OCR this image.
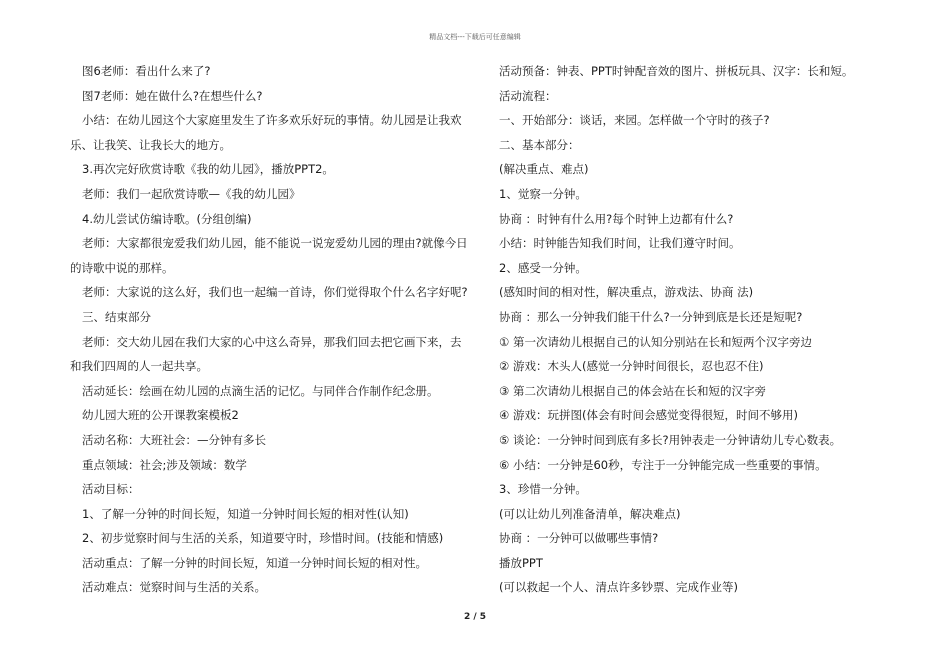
精品文档---下载后可任意编辑
图6老师：看出什么来了?
图7老师：她在做什么?在想些什么?
小结：在幼儿园这个大家庭里发生了许多欢乐好玩的事情。幼儿园是让我欢
乐、让我笑、让我长大的地方。
3.再次完好欣赏诗歌《我的幼儿园》，播放PPT2。
老师：我们一起欣赏诗歌—《我的幼儿园》
4.幼儿尝试仿编诗歌。(分组创编)
老师：大家都很宠爱我们幼儿园，能不能说一说宠爱幼儿园的理由?就像今日
的诗歌中说的那样。
老师：大家说的这么好，我们也一起编一首诗，你们觉得取个什么名字好呢?
三、结束部分
老师：交大幼儿园在我们大家的心中这么奇异，那我们回去把它画下来，去
和我们四周的人一起共享。
活动延长：绘画在幼儿园的点滴生活的记忆。与同伴合作制作纪念册。
幼儿园大班的公开课教案模板2
活动名称：大班社会：—分钟有多长
重点领域：社会;涉及领域：数学
活动目标：
1、了解一分钟的时间长短，知道一分钟时间长短的相对性(认知)
2、初步觉察时间与生活的关系，知道要守时，珍惜时间。(技能和情感)
活动重点：了解一分钟的时间长短，知道一分钟时间长短的相对性。
活动难点：觉察时间与生活的关系。
活动预备：钟表、PPT时钟配音效的图片、拼板玩具、汉字：长和短。
活动流程：
一、开始部分：谈话，来园。怎样做一个守时的孩子?
二、基本部分：
(解决重点、难点)
1、觉察一分钟。
协商 ：时钟有什么用?每个时钟上边都有什么?
小结：时钟能告知我们时间，让我们遵守时间。
2、感受一分钟。
(感知时间的相对性，解决重点，游戏法、协商 法)
协商 ：那么一分钟我们能干什么?一分钟到底是长还是短呢?
① 第一次请幼儿根据自己的认知分别站在长和短两个汉字旁边
② 游戏：木头人(感觉一分钟时间很长，忍也忍不住)
③ 第二次请幼儿根据自己的体会站在长和短的汉字旁
④ 游戏：玩拼图(体会有时间会感觉变得很短，时间不够用)
⑤ 谈论：一分钟时间到底有多长?用钟表走一分钟请幼儿专心数表。
⑥ 小结：一分钟是60秒，专注于一分钟能完成一些重要的事情。
3、珍惜一分钟。
(可以让幼儿列准备清单，解决难点)
协商 ：一分钟可以做哪些事情?
播放PPT
(可以救起一个人、清点许多钞票、完成作业等)
2 / 5
